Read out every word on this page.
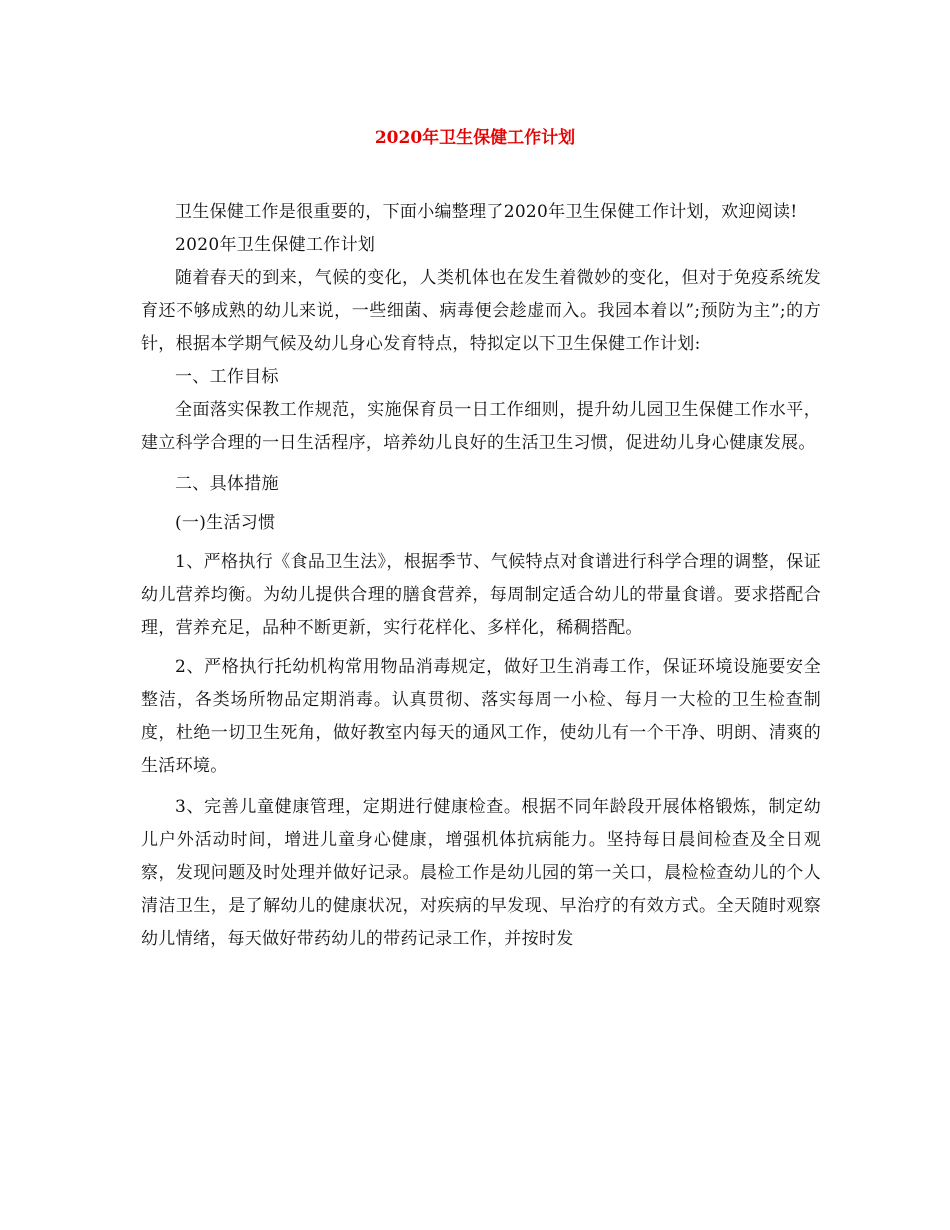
2020年卫生保健工作计划

卫生保健工作是很重要的，下面小编整理了2020年卫生保健工作计划，欢迎阅读!

2020年卫生保健工作计划

随着春天的到来，气候的变化，人类机体也在发生着微妙的变化，但对于免疫系统发育还不够成熟的幼儿来说，一些细菌、病毒便会趁虚而入。我园本着以”;预防为主”;的方针，根据本学期气候及幼儿身心发育特点，特拟定以下卫生保健工作计划:

一、工作目标

全面落实保教工作规范，实施保育员一日工作细则，提升幼儿园卫生保健工作水平，建立科学合理的一日生活程序，培养幼儿良好的生活卫生习惯，促进幼儿身心健康发展。

二、具体措施

(一)生活习惯

1、严格执行《食品卫生法》，根据季节、气候特点对食谱进行科学合理的调整，保证幼儿营养均衡。为幼儿提供合理的膳食营养，每周制定适合幼儿的带量食谱。要求搭配合理，营养充足，品种不断更新，实行花样化、多样化，稀稠搭配。

2、严格执行托幼机构常用物品消毒规定，做好卫生消毒工作，保证环境设施要安全整洁，各类场所物品定期消毒。认真贯彻、落实每周一小检、每月一大检的卫生检查制度，杜绝一切卫生死角，做好教室内每天的通风工作，使幼儿有一个干净、明朗、清爽的生活环境。

3、完善儿童健康管理，定期进行健康检查。根据不同年龄段开展体格锻炼，制定幼儿户外活动时间，增进儿童身心健康，增强机体抗病能力。坚持每日晨间检查及全日观察，发现问题及时处理并做好记录。晨检工作是幼儿园的第一关口，晨检检查幼儿的个人清洁卫生，是了解幼儿的健康状况，对疾病的早发现、早治疗的有效方式。全天随时观察幼儿情绪，每天做好带药幼儿的带药记录工作，并按时发
